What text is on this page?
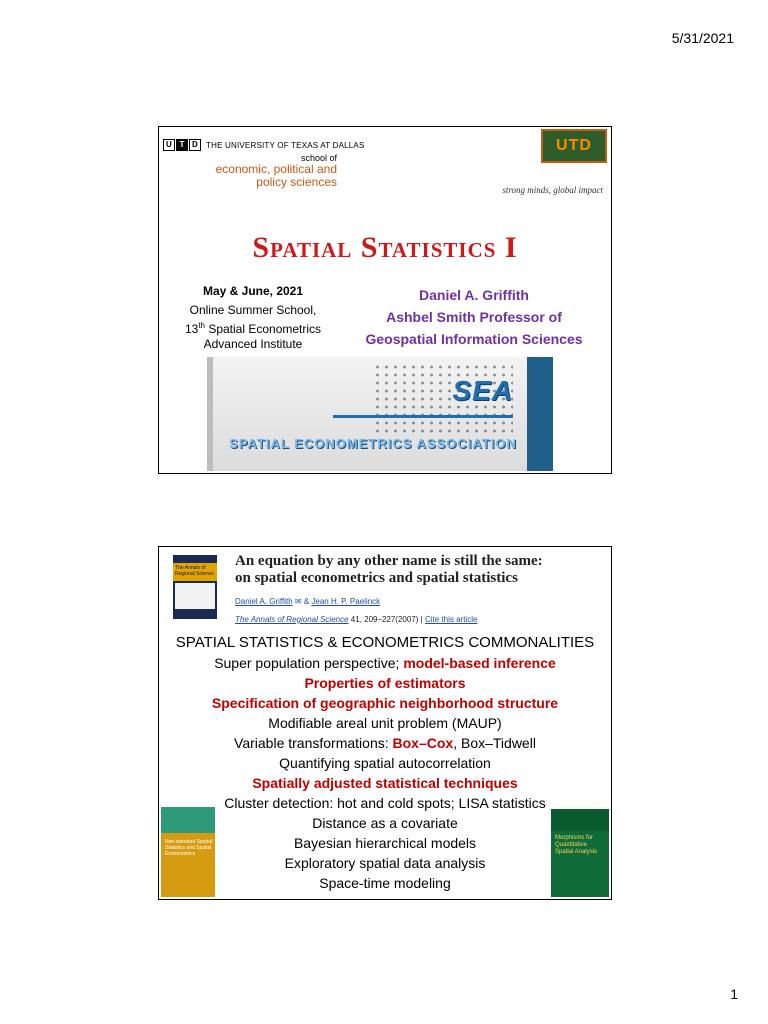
5/31/2021
U T D	THE UNIVERSITY OF TEXAS AT DALLAS
school of
economic, political and
policy sciences
UTD
strong minds, global impact
Spatial Statistics I
May & June, 2021
Online Summer School,
13th Spatial Econometrics
Advanced Institute
Daniel A. Griffith
Ashbel Smith Professor of
Geospatial Information Sciences
SEA
SPATIAL ECONOMETRICS ASSOCIATION
The Annals of Regional Science
An equation by any other name is still the same:
on spatial econometrics and spatial statistics
Daniel A. Griffith ✉ & Jean H. P. Paelinck
The Annals of Regional Science 41, 209–227(2007) | Cite this article
Non-standard Spatial Statistics and Spatial Econometrics
Morphisms for Quantitative Spatial Analysis
SPATIAL STATISTICS & ECONOMETRICS COMMONALITIES
Super population perspective; model-based inference
Properties of estimators
Specification of geographic neighborhood structure
Modifiable areal unit problem (MAUP)
Variable transformations: Box–Cox, Box–Tidwell
Quantifying spatial autocorrelation
Spatially adjusted statistical techniques
Cluster detection: hot and cold spots; LISA statistics
Distance as a covariate
Bayesian hierarchical models
Exploratory spatial data analysis
Space-time modeling
1
